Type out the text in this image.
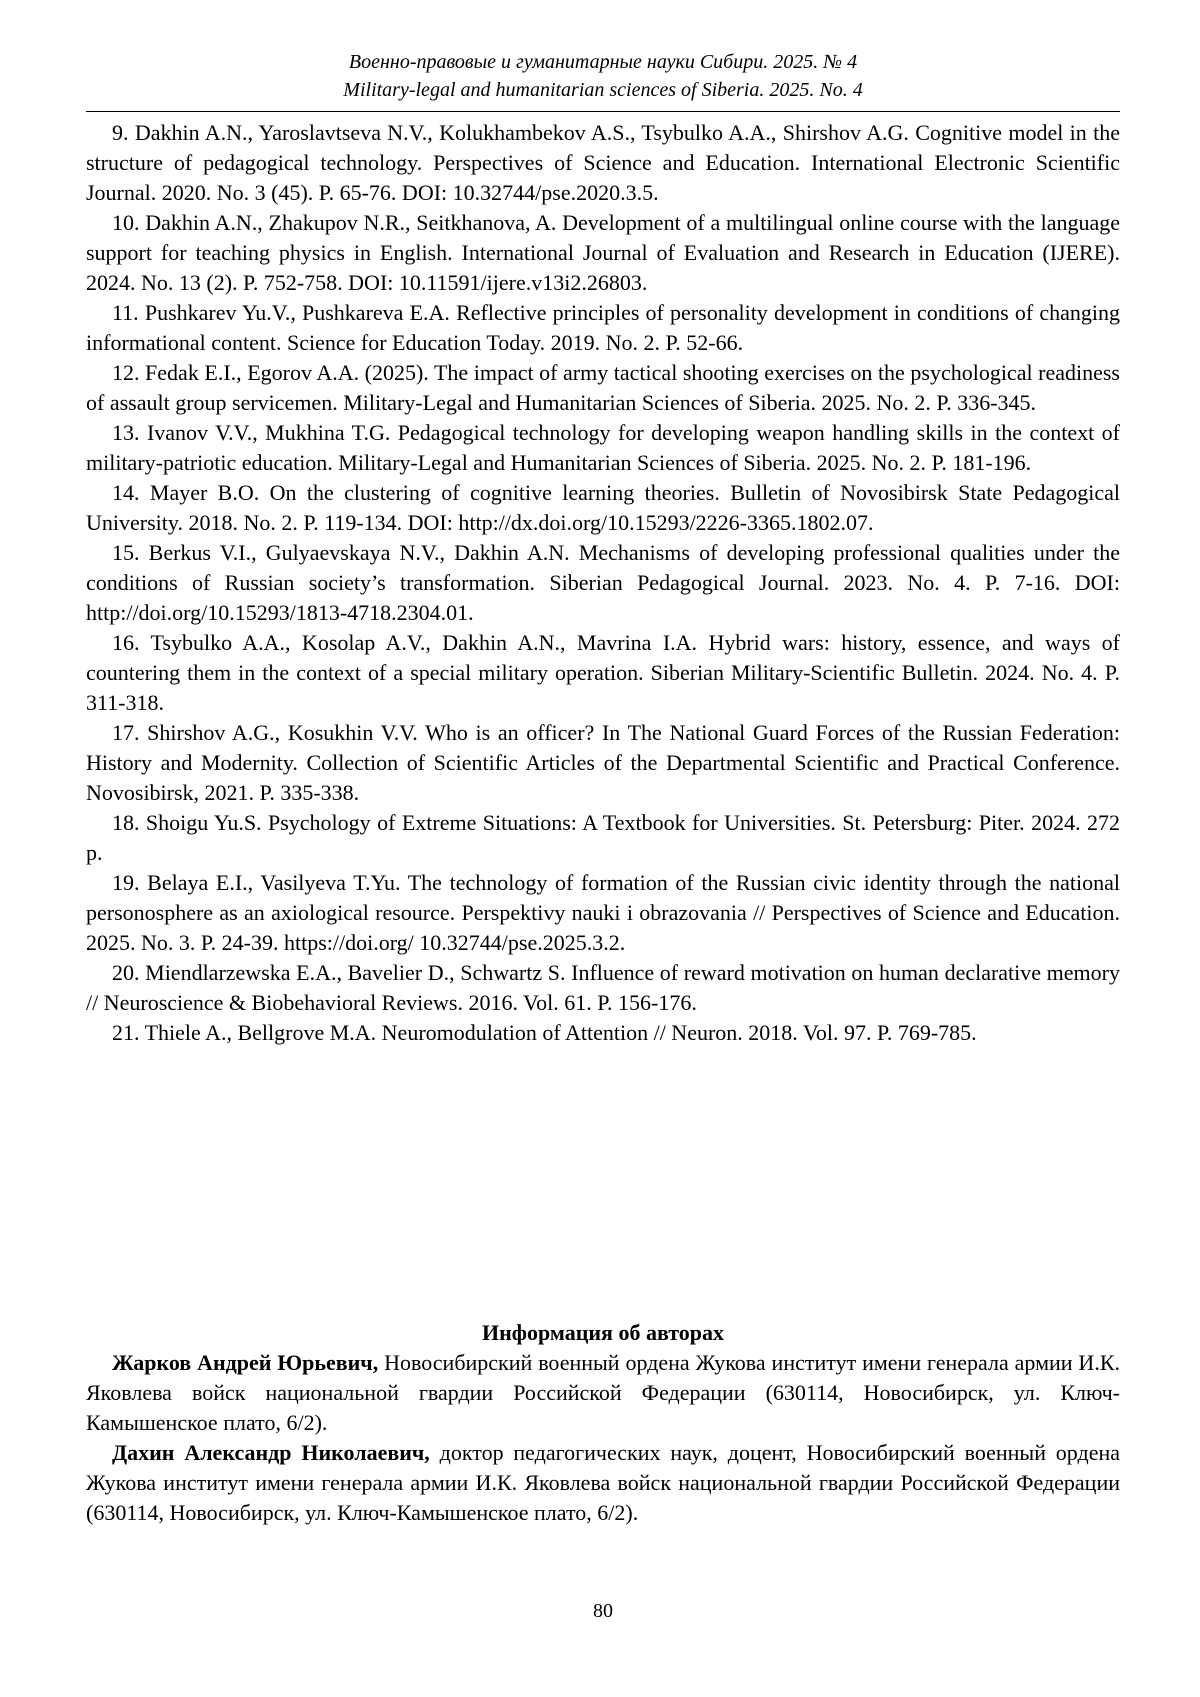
Военно-правовые и гуманитарные науки Сибири. 2025. № 4
Military-legal and humanitarian sciences of Siberia. 2025. No. 4

9. Dakhin A.N., Yaroslavtseva N.V., Kolukhambekov A.S., Tsybulko A.A., Shirshov A.G. Cognitive model in the structure of pedagogical technology. Perspectives of Science and Education. International Electronic Scientific Journal. 2020. No. 3 (45). P. 65-76. DOI: 10.32744/pse.2020.3.5.

10. Dakhin A.N., Zhakupov N.R., Seitkhanova, A. Development of a multilingual online course with the language support for teaching physics in English. International Journal of Evaluation and Research in Education (IJERE). 2024. No. 13 (2). P. 752-758. DOI: 10.11591/ijere.v13i2.26803.

11. Pushkarev Yu.V., Pushkareva E.A. Reflective principles of personality development in conditions of changing informational content. Science for Education Today. 2019. No. 2. P. 52-66.

12. Fedak E.I., Egorov A.A. (2025). The impact of army tactical shooting exercises on the psychological readiness of assault group servicemen. Military-Legal and Humanitarian Sciences of Siberia. 2025. No. 2. P. 336-345.

13. Ivanov V.V., Mukhina T.G. Pedagogical technology for developing weapon handling skills in the context of military-patriotic education. Military-Legal and Humanitarian Sciences of Siberia. 2025. No. 2. P. 181-196.

14. Mayer B.O. On the clustering of cognitive learning theories. Bulletin of Novosibirsk State Pedagogical University. 2018. No. 2. P. 119-134. DOI: http://dx.doi.org/10.15293/2226-3365.1802.07.

15. Berkus V.I., Gulyaevskaya N.V., Dakhin A.N. Mechanisms of developing professional qualities under the conditions of Russian society’s transformation. Siberian Pedagogical Journal. 2023. No. 4. P. 7-16. DOI: http://doi.org/10.15293/1813-4718.2304.01.

16. Tsybulko A.A., Kosolap A.V., Dakhin A.N., Mavrina I.A. Hybrid wars: history, essence, and ways of countering them in the context of a special military operation. Siberian Military-Scientific Bulletin. 2024. No. 4. P. 311-318.

17. Shirshov A.G., Kosukhin V.V. Who is an officer? In The National Guard Forces of the Russian Federation: History and Modernity. Collection of Scientific Articles of the Departmental Scientific and Practical Conference. Novosibirsk, 2021. P. 335-338.

18. Shoigu Yu.S. Psychology of Extreme Situations: A Textbook for Universities. St. Petersburg: Piter. 2024. 272 p.

19. Belaya E.I., Vasilyeva T.Yu. The technology of formation of the Russian civic identity through the national personosphere as an axiological resource. Perspektivy nauki i obrazovania // Perspectives of Science and Education. 2025. No. 3. P. 24-39. https://doi.org/ 10.32744/pse.2025.3.2.

20. Miendlarzewska E.A., Bavelier D., Schwartz S. Influence of reward motivation on human declarative memory // Neuroscience & Biobehavioral Reviews. 2016. Vol. 61. P. 156-176.

21. Thiele A., Bellgrove M.A. Neuromodulation of Attention // Neuron. 2018. Vol. 97. P. 769-785.

Информация об авторах

Жарков Андрей Юрьевич, Новосибирский военный ордена Жукова институт имени генерала армии И.К. Яковлева войск национальной гвардии Российской Федерации (630114, Новосибирск, ул. Ключ-Камышенское плато, 6/2).

Дахин Александр Николаевич, доктор педагогических наук, доцент, Новосибирский военный ордена Жукова институт имени генерала армии И.К. Яковлева войск национальной гвардии Российской Федерации (630114, Новосибирск, ул. Ключ-Камышенское плато, 6/2).

80
